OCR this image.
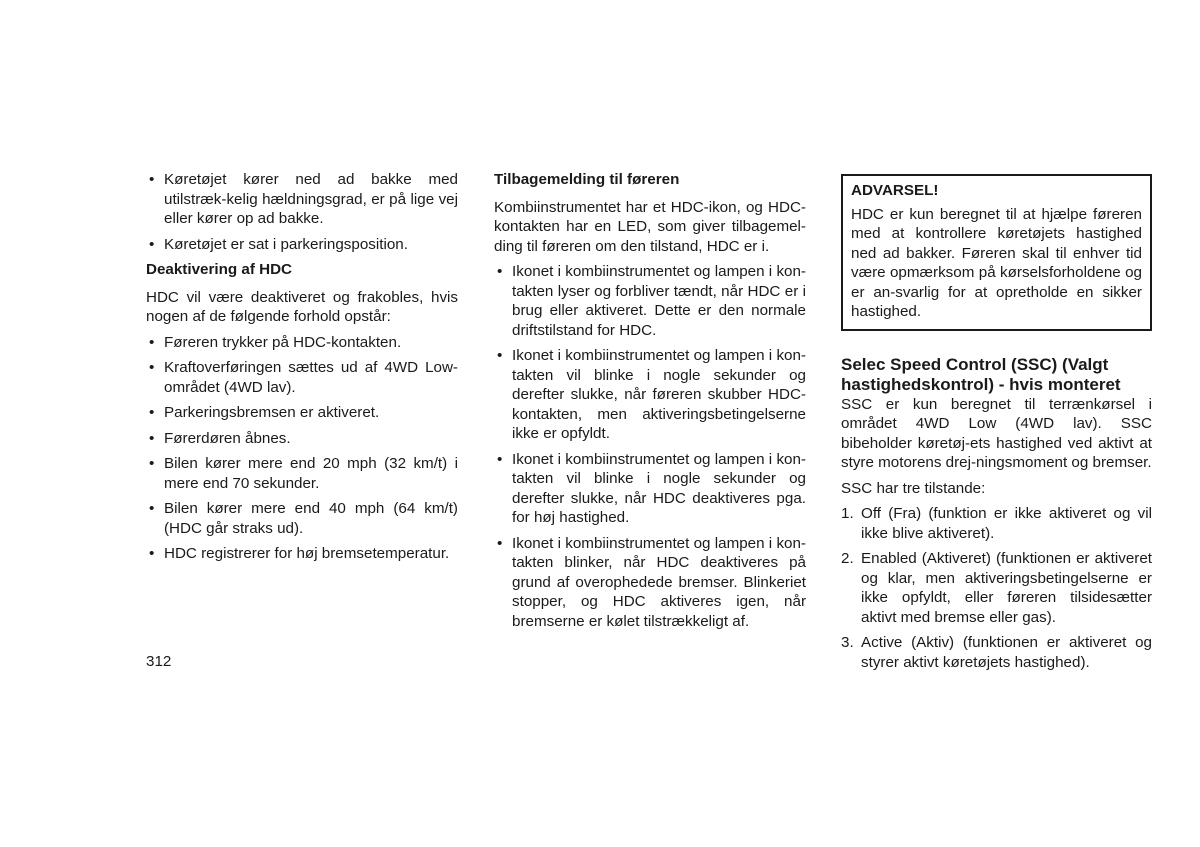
• Køretøjet kører ned ad bakke med utilstræk-kelig hældningsgrad, er på lige vej eller kører op ad bakke.
• Køretøjet er sat i parkeringsposition.
Deaktivering af HDC

HDC vil være deaktiveret og frakobles, hvis nogen af de følgende forhold opstår:

• Føreren trykker på HDC-kontakten.
• Kraftoverføringen sættes ud af 4WD Low-området (4WD lav).
• Parkeringsbremsen er aktiveret.
• Førerdøren åbnes.
• Bilen kører mere end 20 mph (32 km/t) i mere end 70 sekunder.
• Bilen kører mere end 40 mph (64 km/t) (HDC går straks ud).
• HDC registrerer for høj bremsetemperatur.
Tilbagemelding til føreren

Kombiinstrumentet har et HDC-ikon, og HDC-kontakten har en LED, som giver tilbagemel-ding til føreren om den tilstand, HDC er i.

• Ikonet i kombiinstrumentet og lampen i kon-takten lyser og forbliver tændt, når HDC er i brug eller aktiveret. Dette er den normale driftstilstand for HDC.
• Ikonet i kombiinstrumentet og lampen i kon-takten vil blinke i nogle sekunder og derefter slukke, når føreren skubber HDC-kontakten, men aktiveringsbetingelserne ikke er opfyldt.
• Ikonet i kombiinstrumentet og lampen i kon-takten vil blinke i nogle sekunder og derefter slukke, når HDC deaktiveres pga. for høj hastighed.
• Ikonet i kombiinstrumentet og lampen i kon-takten blinker, når HDC deaktiveres på grund af overophedede bremser. Blinkeriet stopper, og HDC aktiveres igen, når bremserne er kølet tilstrækkeligt af.
ADVARSEL!
HDC er kun beregnet til at hjælpe føreren med at kontrollere køretøjets hastighed ned ad bakker. Føreren skal til enhver tid være opmærksom på kørselsforholdene og er an-svarlig for at opretholde en sikker hastighed.
Selec Speed Control (SSC) (Valgt hastighedskontrol) - hvis monteret

SSC er kun beregnet til terrænkørsel i området 4WD Low (4WD lav). SSC bibeholder køretøj-ets hastighed ved aktivt at styre motorens drej-ningsmoment og bremser.

SSC har tre tilstande:

1. Off (Fra) (funktion er ikke aktiveret og vil ikke blive aktiveret).
2. Enabled (Aktiveret) (funktionen er aktiveret og klar, men aktiveringsbetingelserne er ikke opfyldt, eller føreren tilsidesætter aktivt med bremse eller gas).
3. Active (Aktiv) (funktionen er aktiveret og styrer aktivt køretøjets hastighed).
312
